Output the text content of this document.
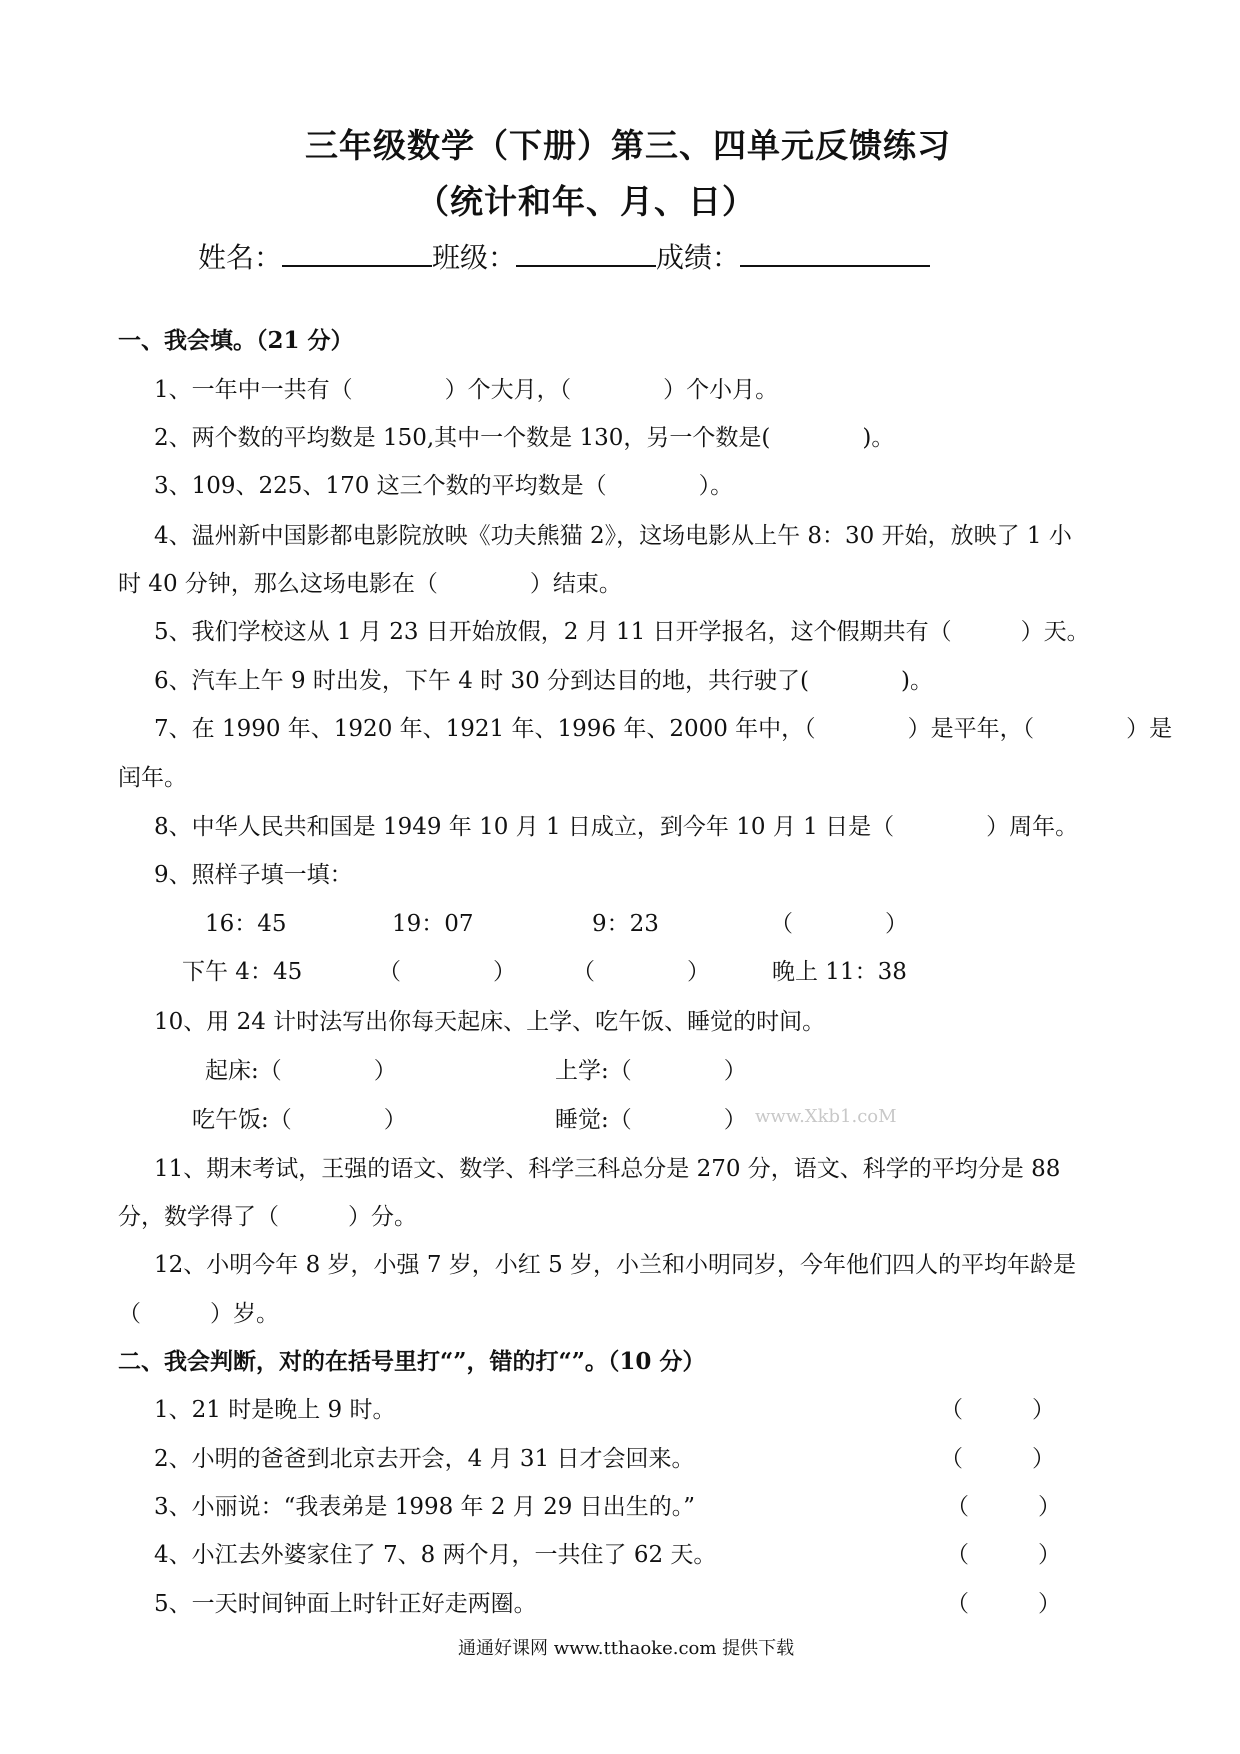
三年级数学（下册）第三、四单元反馈练习
（统计和年、月、日）
姓名：	班级：	成绩：
一、我会填。（21 分）
1、一年中一共有（　　　　）个大月，（　　　　）个小月。
2、两个数的平均数是 150,其中一个数是 130，另一个数是(　　　　)。
3、109、225、170 这三个数的平均数是（　　　　）。
4、温州新中国影都电影院放映《功夫熊猫 2》，这场电影从上午 8：30 开始，放映了 1 小
时 40 分钟，那么这场电影在（　　　　）结束。
5、我们学校这从 1 月 23 日开始放假，2 月 11 日开学报名，这个假期共有（　　　）天。
6、汽车上午 9 时出发，下午 4 时 30 分到达目的地，共行驶了(　　　　)。
7、在 1990 年、1920 年、1921 年、1996 年、2000 年中，（　　　　）是平年，（　　　　）是
闰年。
8、中华人民共和国是 1949 年 10 月 1 日成立，到今年 10 月 1 日是（　　　　）周年。
9、照样子填一填：
16：45	19：07	9：23	（　　　　）
下午 4：45	（　　　　） （　　　　）	晚上 11：38
10、用 24 计时法写出你每天起床、上学、吃午饭、睡觉的时间。
起床:（　　　　）	上学:（　　　　）
吃午饭:（　　　　）	睡觉:（　　　　） www.Xkb1.coM
11、期末考试，王强的语文、数学、科学三科总分是 270 分，语文、科学的平均分是 88
分，数学得了（　　　）分。
12、小明今年 8 岁，小强 7 岁，小红 5 岁，小兰和小明同岁，今年他们四人的平均年龄是
（　　　）岁。
二、我会判断，对的在括号里打“”，错的打“”。（10 分）
1、21 时是晚上 9 时。	（　　　）
2、小明的爸爸到北京去开会，4 月 31 日才会回来。	（　　　）
3、小丽说：“我表弟是 1998 年 2 月 29 日出生的。”	（　　　）
4、小江去外婆家住了 7、8 两个月，一共住了 62 天。	（　　　）
5、一天时间钟面上时针正好走两圈。	（　　　）
通通好课网 www.tthaoke.com 提供下载
